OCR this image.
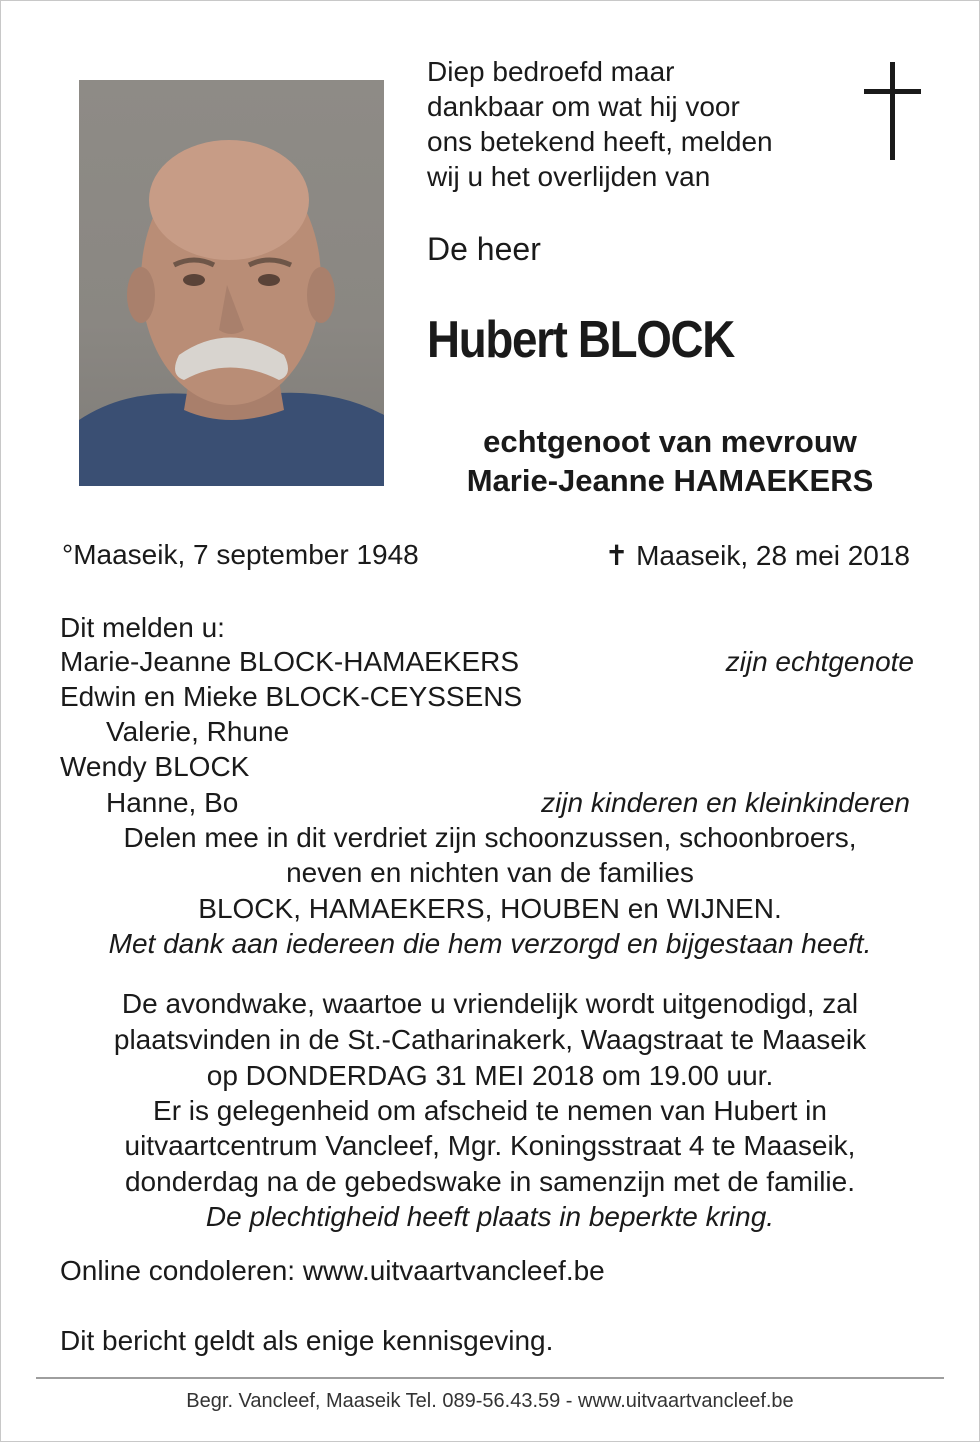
Diep bedroefd maar
dankbaar om wat hij voor
ons betekend heeft, melden
wij u het overlijden van
De heer
Hubert BLOCK
echtgenoot van mevrouw
Marie-Jeanne HAMAEKERS
°Maaseik, 7 september 1948	✝ Maaseik, 28 mei 2018
Dit melden u:
Marie-Jeanne BLOCK-HAMAEKERS	zijn echtgenote
Edwin en Mieke BLOCK-CEYSSENS
Valerie, Rhune
Wendy BLOCK
Hanne, Bo	zijn kinderen en kleinkinderen
Delen mee in dit verdriet zijn schoonzussen, schoonbroers,
neven en nichten van de families
BLOCK, HAMAEKERS, HOUBEN en WIJNEN.
Met dank aan iedereen die hem verzorgd en bijgestaan heeft.
De avondwake, waartoe u vriendelijk wordt uitgenodigd, zal
plaatsvinden in de St.-Catharinakerk, Waagstraat te Maaseik
op DONDERDAG 31 MEI 2018 om 19.00 uur.
Er is gelegenheid om afscheid te nemen van Hubert in
uitvaartcentrum Vancleef, Mgr. Koningsstraat 4 te Maaseik,
donderdag na de gebedswake in samenzijn met de familie.
De plechtigheid heeft plaats in beperkte kring.
Online condoleren: www.uitvaartvancleef.be
Dit bericht geldt als enige kennisgeving.
Begr. Vancleef, Maaseik Tel. 089-56.43.59 - www.uitvaartvancleef.be
